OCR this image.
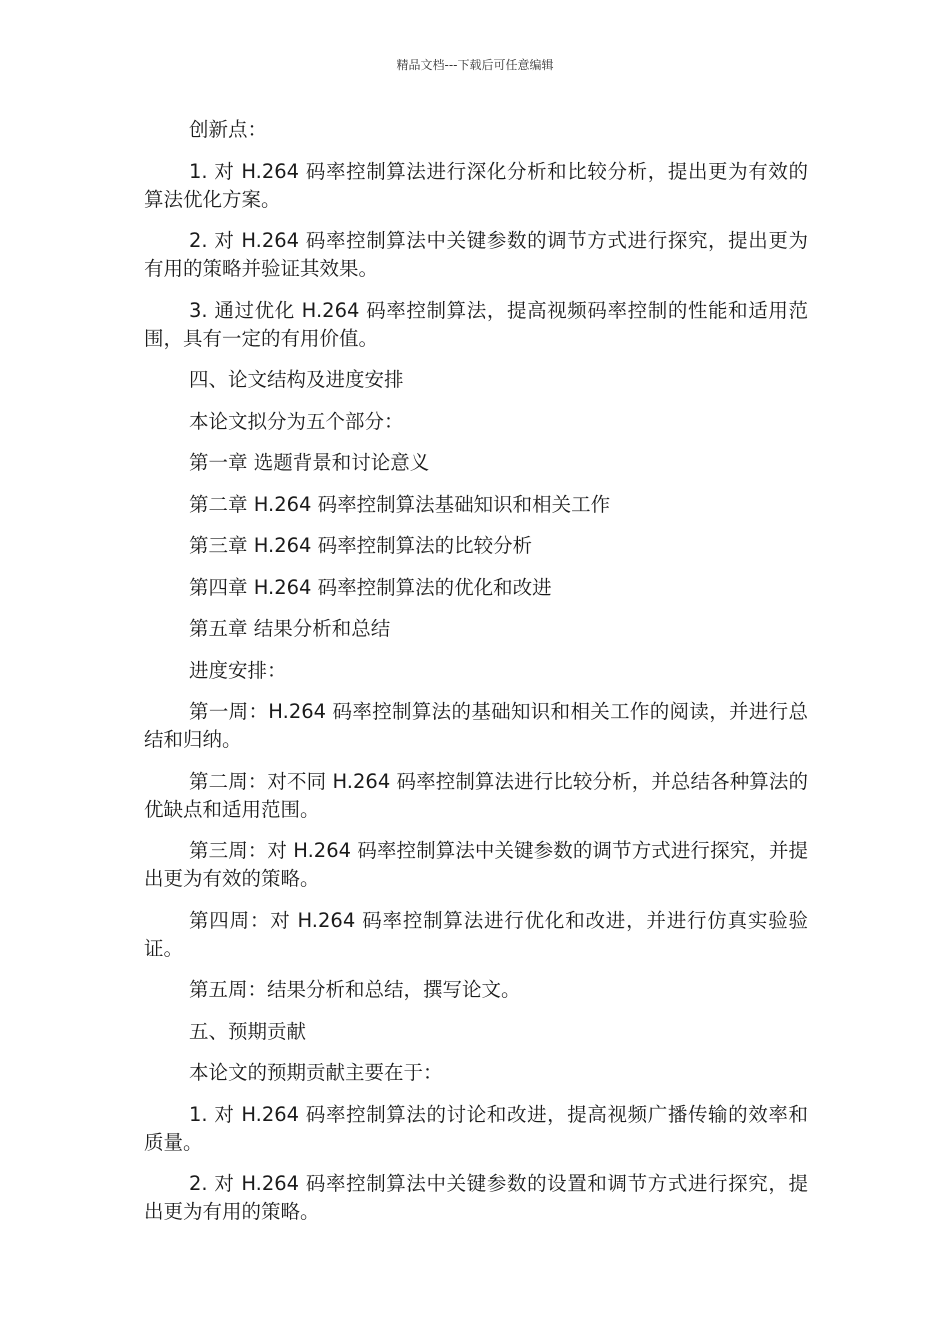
精品文档---下载后可任意编辑

创新点：

1. 对 H.264 码率控制算法进行深化分析和比较分析，提出更为有效的算法优化方案。

2. 对 H.264 码率控制算法中关键参数的调节方式进行探究，提出更为有用的策略并验证其效果。

3. 通过优化 H.264 码率控制算法，提高视频码率控制的性能和适用范围，具有一定的有用价值。

四、论文结构及进度安排

本论文拟分为五个部分：

第一章 选题背景和讨论意义

第二章 H.264 码率控制算法基础知识和相关工作

第三章 H.264 码率控制算法的比较分析

第四章 H.264 码率控制算法的优化和改进

第五章 结果分析和总结

进度安排：

第一周：H.264 码率控制算法的基础知识和相关工作的阅读，并进行总结和归纳。

第二周：对不同 H.264 码率控制算法进行比较分析，并总结各种算法的优缺点和适用范围。

第三周：对 H.264 码率控制算法中关键参数的调节方式进行探究，并提出更为有效的策略。

第四周：对 H.264 码率控制算法进行优化和改进，并进行仿真实验验证。

第五周：结果分析和总结，撰写论文。

五、预期贡献

本论文的预期贡献主要在于：

1. 对 H.264 码率控制算法的讨论和改进，提高视频广播传输的效率和质量。

2. 对 H.264 码率控制算法中关键参数的设置和调节方式进行探究，提出更为有用的策略。
